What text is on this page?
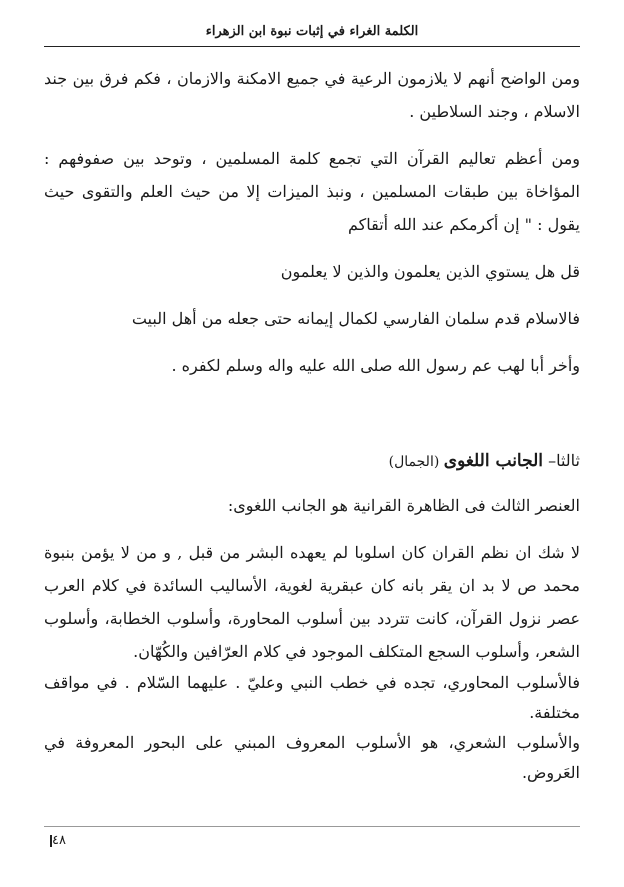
الكلمة الغراء في إثبات نبوة ابن الزهراء

ومن الواضح أنهم لا يلازمون الرعية في جميع الامكنة والازمان ، فكم فرق بين جند الاسلام ، وجند السلاطين .

ومن أعظم تعاليم القرآن التي تجمع كلمة المسلمين ، وتوحد بين صفوفهم : المؤاخاة بين طبقات المسلمين ، ونبذ الميزات إلا من حيث العلم والتقوى حيث يقول : " إن أكرمكم عند الله أتقاكم

قل هل يستوي الذين يعلمون والذين لا يعلمون

فالاسلام قدم سلمان الفارسي لكمال إيمانه حتى جعله من أهل البيت

وأخر أبا لهب عم رسول الله صلى الله عليه واله وسلم لكفره .

ثالثا– الجانب اللغوى (الجمال)

العنصر الثالث فى الظاهرة القرانية هو الجانب اللغوى:

لا شك ان نظم القران كان اسلوبا لم يعهده البشر من قبل , و من لا يؤمن بنبوة محمد ص لا بد ان يقر بانه كان عبقرية لغوية، الأساليب السائدة في كلام العرب عصر نزول القرآن، كانت تتردد بين أسلوب المحاورة، وأسلوب الخطابة، وأسلوب الشعر، وأسلوب السجع المتكلف الموجود في كلام العرّافين والكُهّان.

فالأسلوب المحاوري، تجده في خطب النبي وعليّ . عليهما السّلام . في مواقف مختلفة.

والأسلوب الشعري، هو الأسلوب المعروف المبني على البحور المعروفة في العَروض.

٤٨
